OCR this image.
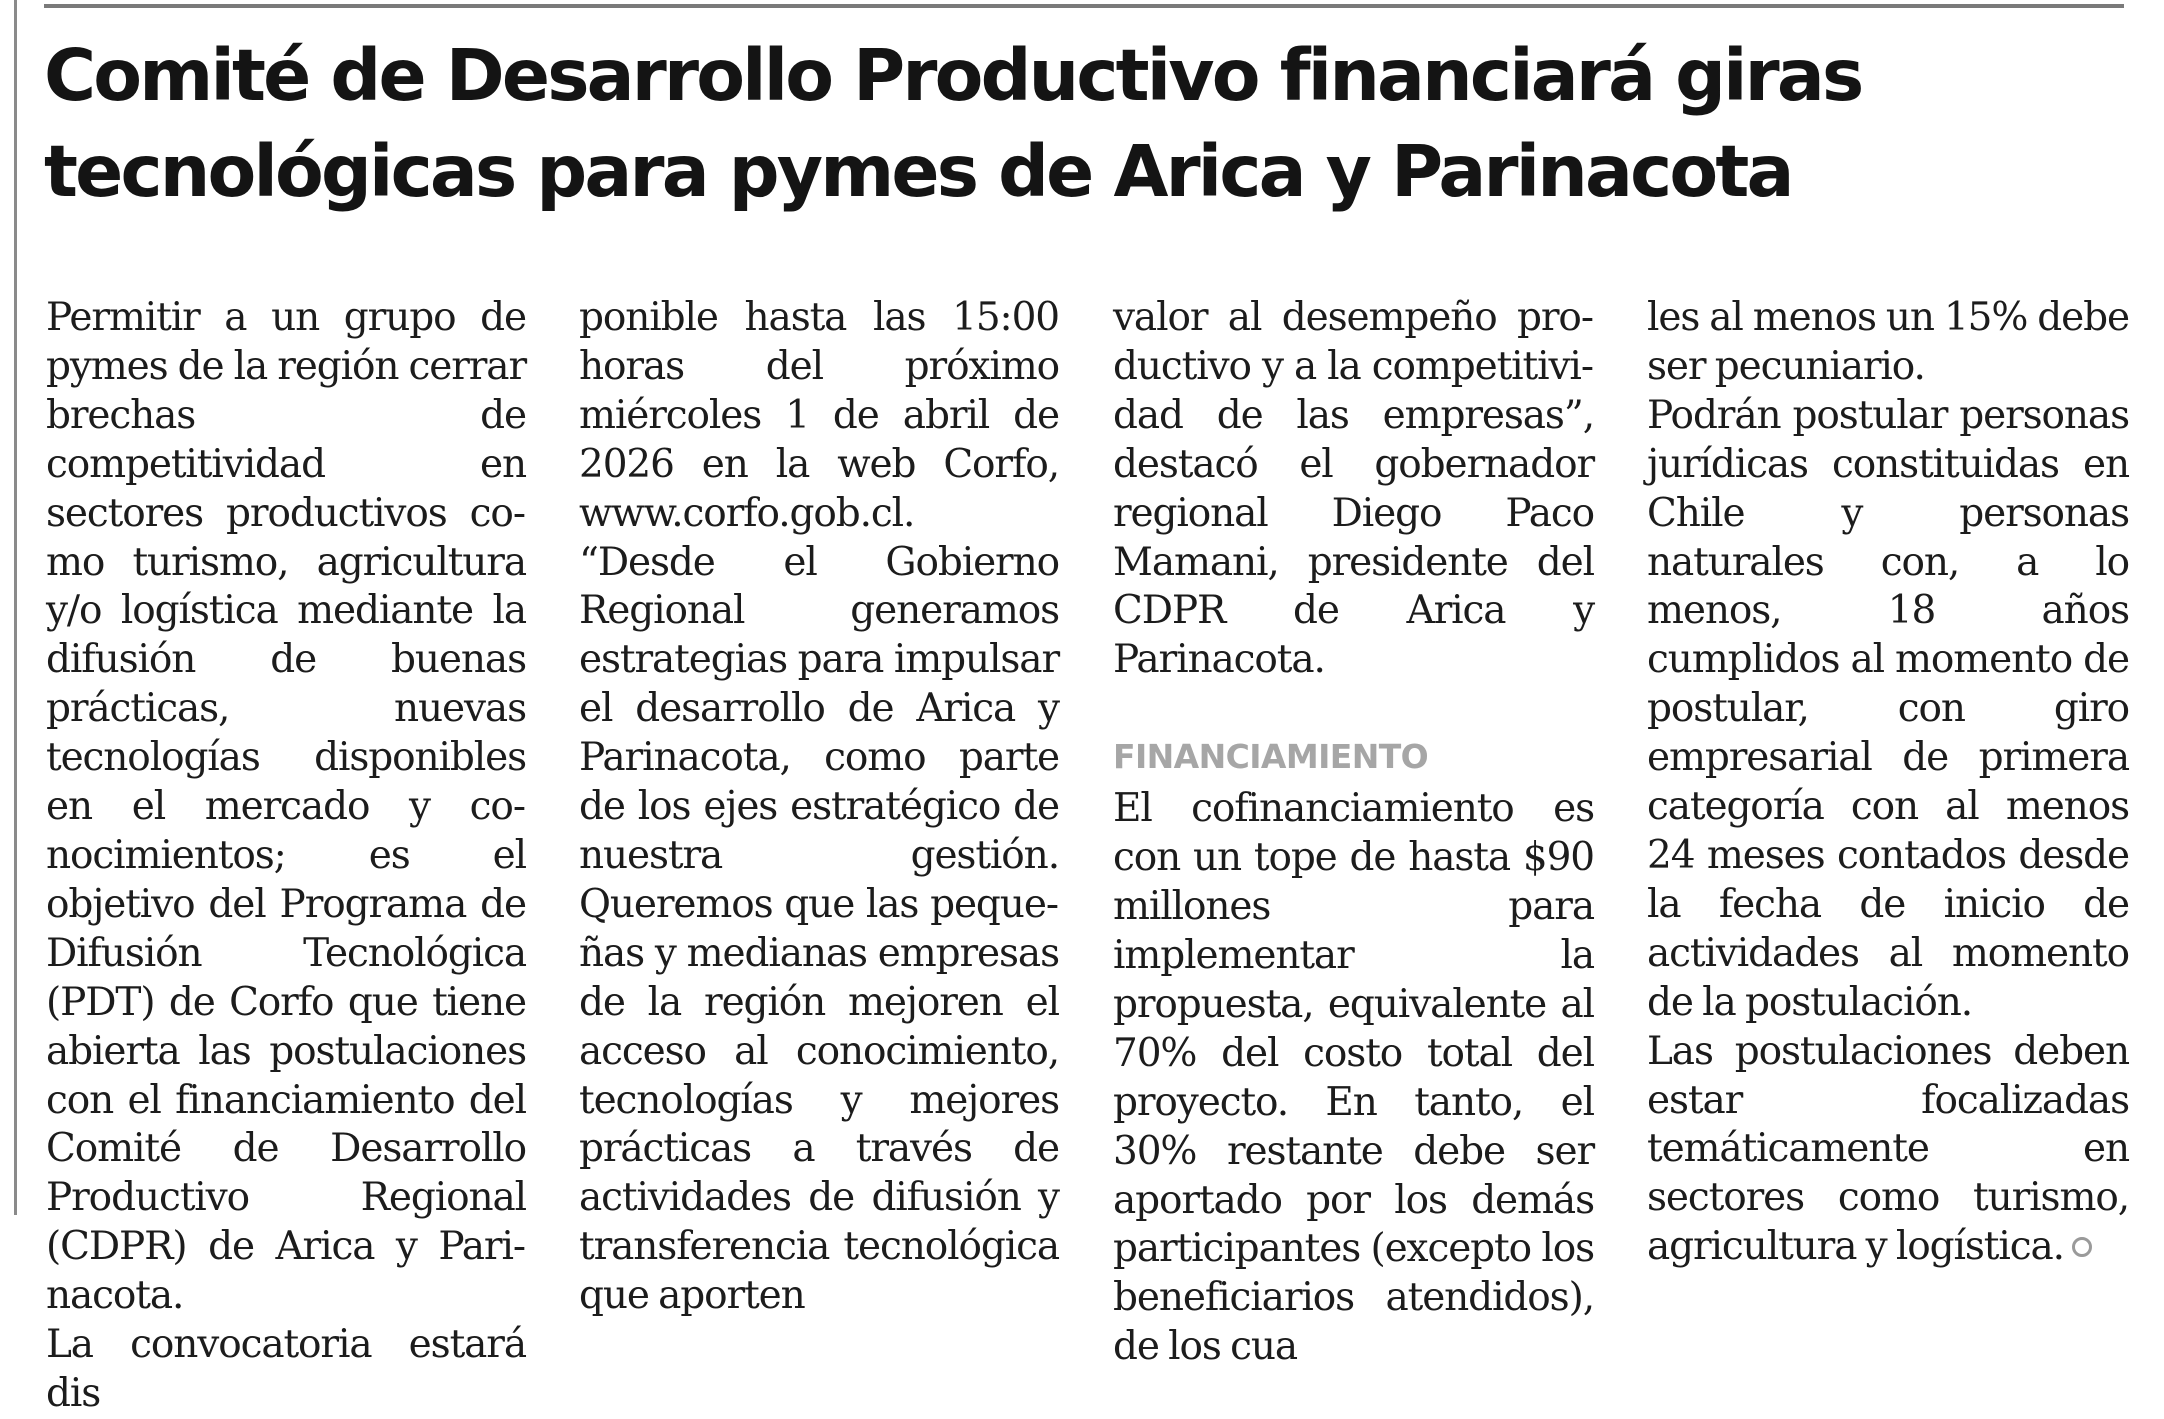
Comité de Desarrollo Productivo financiará giras
tecnológicas para pymes de Arica y Parinacota

Permitir a un grupo de pymes de la región cerrar brechas de competitividad en sectores productivos como turismo, agricultura y/o logística mediante la difusión de buenas prácticas, nuevas tecnologías disponibles en el mercado y conocimientos; es el objetivo del Programa de Difusión Tecnológica (PDT) de Corfo que tiene abierta las postulaciones con el financiamiento del Comité de Desarrollo Productivo Regional (CDPR) de Arica y Parinacota.

La convocatoria estará dis

ponible hasta las 15:00 horas del próximo miércoles 1 de abril de 2026 en la web Corfo, www.corfo.gob.cl.

“Desde el Gobierno Regional generamos estrategias para impulsar el desarrollo de Arica y Parinacota, como parte de los ejes estratégico de nuestra gestión. Queremos que las pequeñas y medianas empresas de la región mejoren el acceso al conocimiento, tecnologías y mejores prácticas a través de actividades de difusión y transferencia tecnológica que aporten

valor al desempeño productivo y a la competitividad de las empresas”, destacó el gobernador regional Diego Paco Mamani, presidente del CDPR de Arica y Parinacota.

FINANCIAMIENTO

El cofinanciamiento es con un tope de hasta $90 millones para implementar la propuesta, equivalente al 70% del costo total del proyecto. En tanto, el 30% restante debe ser aportado por los demás participantes (excepto los beneficiarios atendidos), de los cua

les al menos un 15% debe ser pecuniario.

Podrán postular personas jurídicas constituidas en Chile y personas naturales con, a lo menos, 18 años cumplidos al momento de postular, con giro empresarial de primera categoría con al menos 24 meses contados desde la fecha de inicio de actividades al momento de la postulación.

Las postulaciones deben estar focalizadas temáticamente en sectores como turismo, agricultura y logística.
